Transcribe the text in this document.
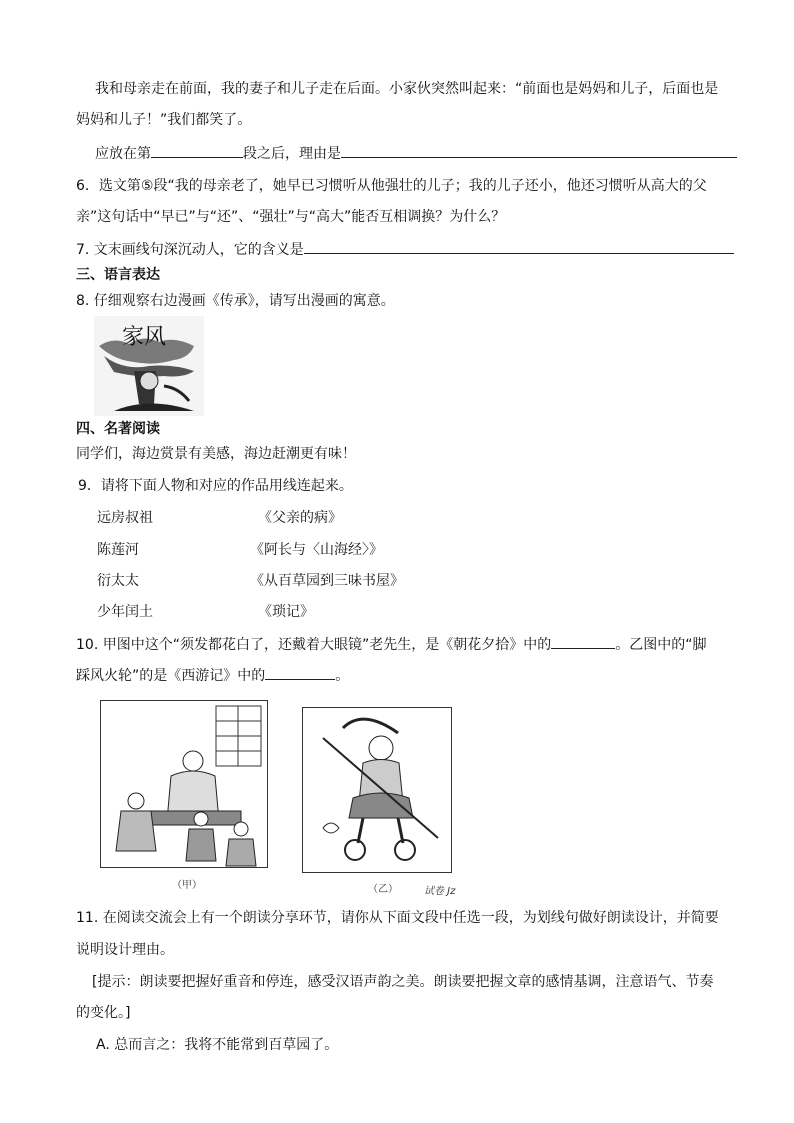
我和母亲走在前面，我的妻子和儿子走在后面。小家伙突然叫起来：“前面也是妈妈和儿子，后面也是
妈妈和儿子！”我们都笑了。
应放在第	段之后，理由是
6．选文第⑤段“我的母亲老了，她早已习惯听从他强壮的儿子；我的儿子还小，他还习惯听从高大的父
亲”这句话中“早已”与“还”、“强壮”与“高大”能否互相调换？为什么？
7. 文末画线句深沉动人，它的含义是
三、语言表达
8. 仔细观察右边漫画《传承》，请写出漫画的寓意。
家风
四、名著阅读
同学们，海边赏景有美感，海边赶潮更有味！
9．请将下面人物和对应的作品用线连起来。
远房叔祖	《父亲的病》
陈莲河	《阿长与〈山海经〉》
衍太太	《从百草园到三味书屋》
少年闰土	《琐记》
10. 甲图中这个“须发都花白了，还戴着大眼镜”老先生，是《朝花夕拾》中的	。乙图中的“脚
踩风火轮”的是《西游记》中的	。
（甲）	（乙）	试卷 Jz
11. 在阅读交流会上有一个朗读分享环节，请你从下面文段中任选一段，为划线句做好朗读设计，并简要
说明设计理由。
[提示：朗读要把握好重音和停连，感受汉语声韵之美。朗读要把握文章的感情基调，注意语气、节奏
的变化。]
A. 总而言之：我将不能常到百草园了。
